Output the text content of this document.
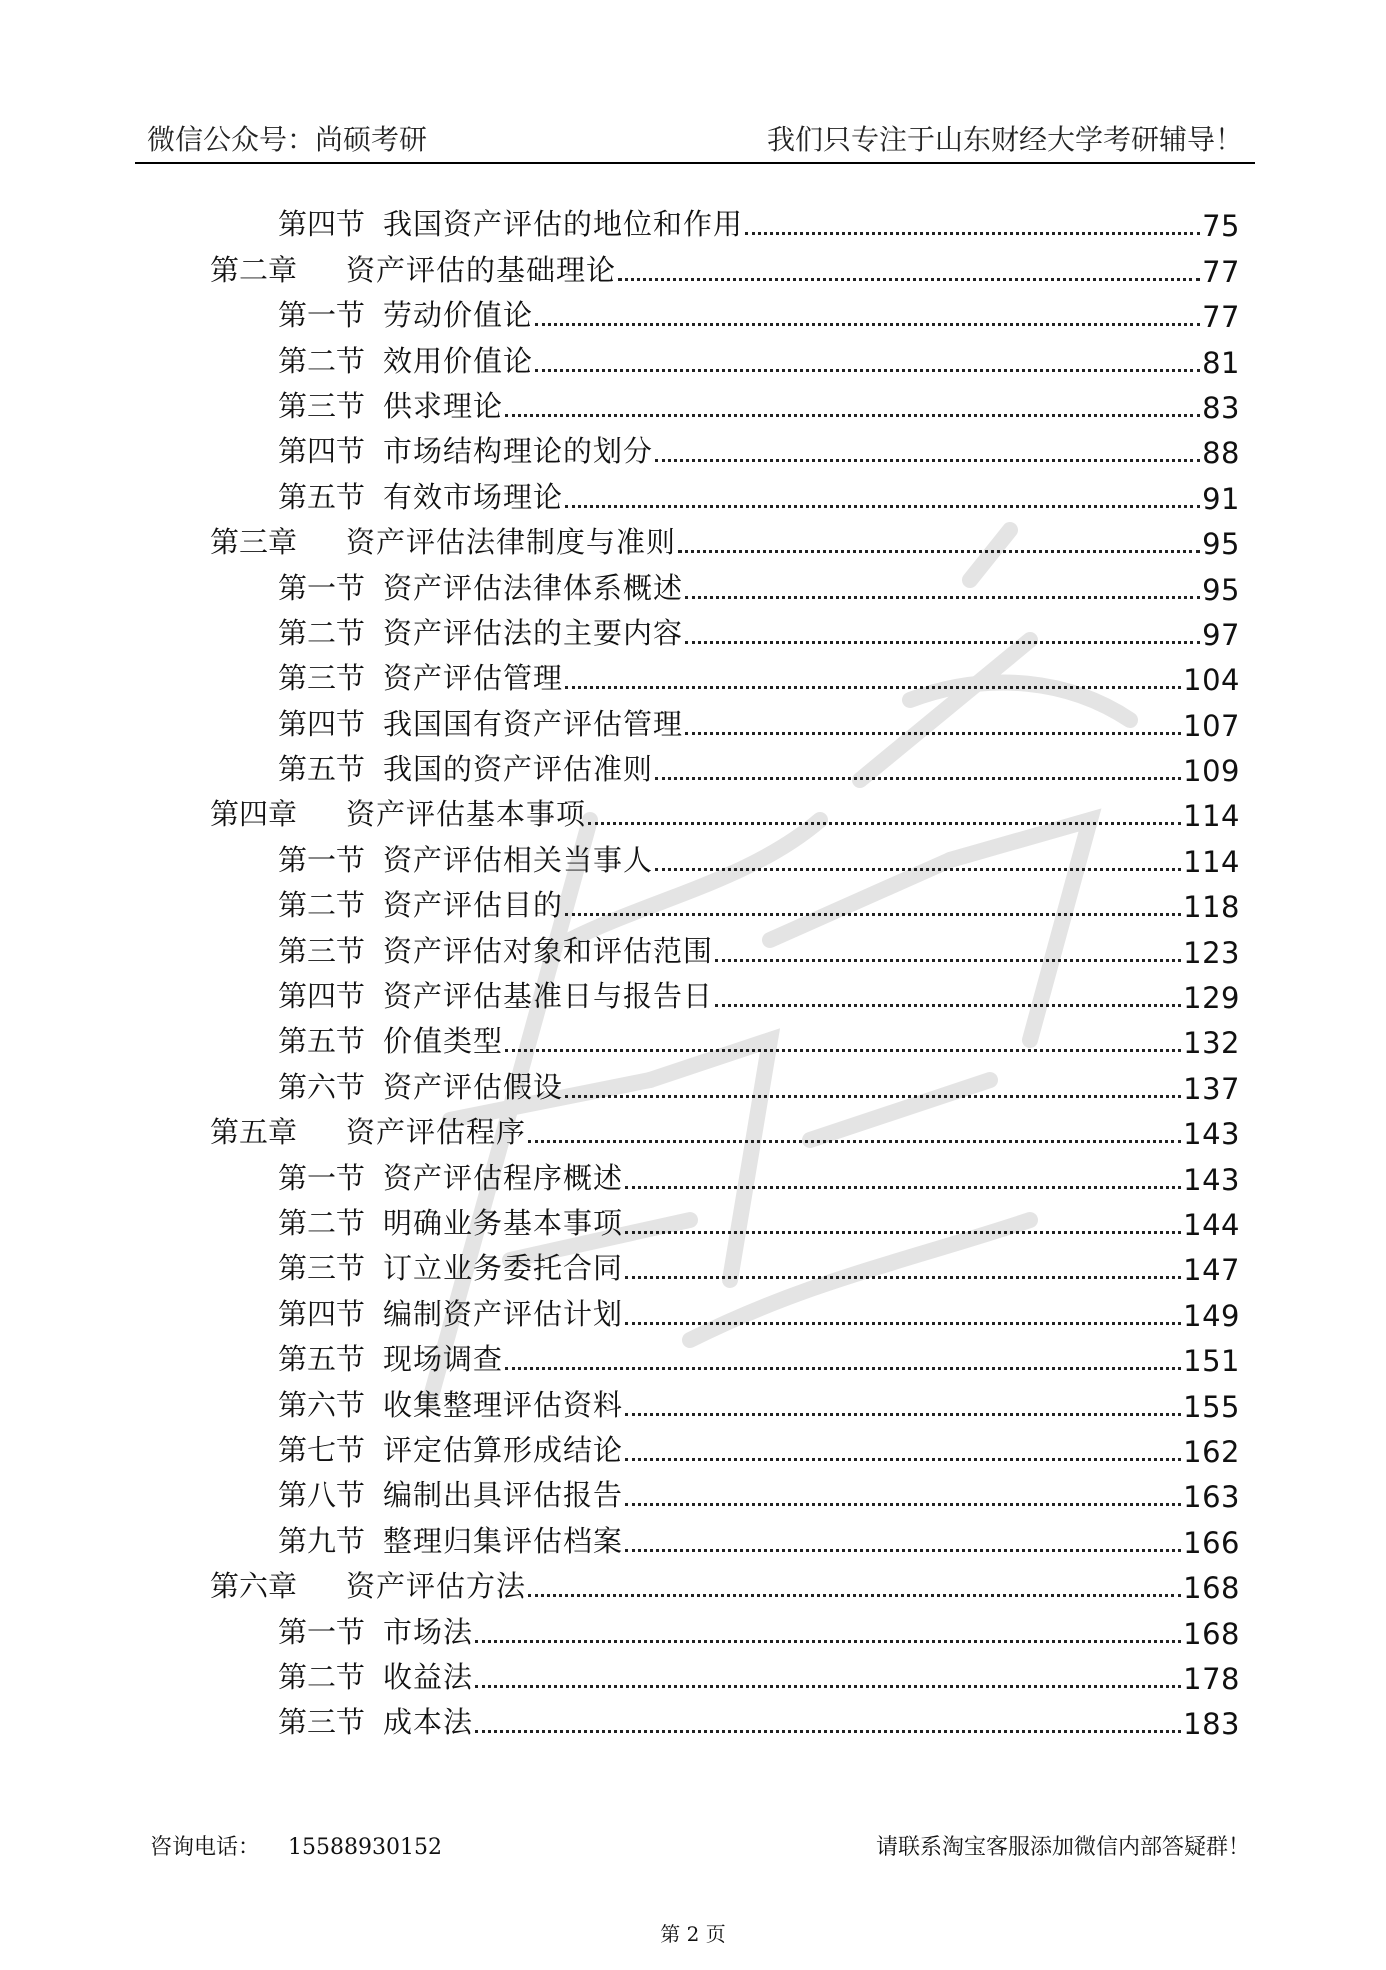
微信公众号：尚硕考研	我们只专注于山东财经大学考研辅导！
第四节 我国资产评估的地位和作用	75
第二章	资产评估的基础理论	77
第一节 劳动价值论	77
第二节 效用价值论	81
第三节 供求理论	83
第四节 市场结构理论的划分	88
第五节 有效市场理论	91
第三章	资产评估法律制度与准则	95
第一节 资产评估法律体系概述	95
第二节 资产评估法的主要内容	97
第三节 资产评估管理	104
第四节 我国国有资产评估管理	107
第五节 我国的资产评估准则	109
第四章	资产评估基本事项	114
第一节 资产评估相关当事人	114
第二节 资产评估目的	118
第三节 资产评估对象和评估范围	123
第四节 资产评估基准日与报告日	129
第五节 价值类型	132
第六节 资产评估假设	137
第五章	资产评估程序	143
第一节 资产评估程序概述	143
第二节 明确业务基本事项	144
第三节 订立业务委托合同	147
第四节 编制资产评估计划	149
第五节 现场调查	151
第六节 收集整理评估资料	155
第七节 评定估算形成结论	162
第八节 编制出具评估报告	163
第九节 整理归集评估档案	166
第六章	资产评估方法	168
第一节 市场法	168
第二节 收益法	178
第三节 成本法	183
咨询电话： 15588930152	请联系淘宝客服添加微信内部答疑群！
第 2 页
